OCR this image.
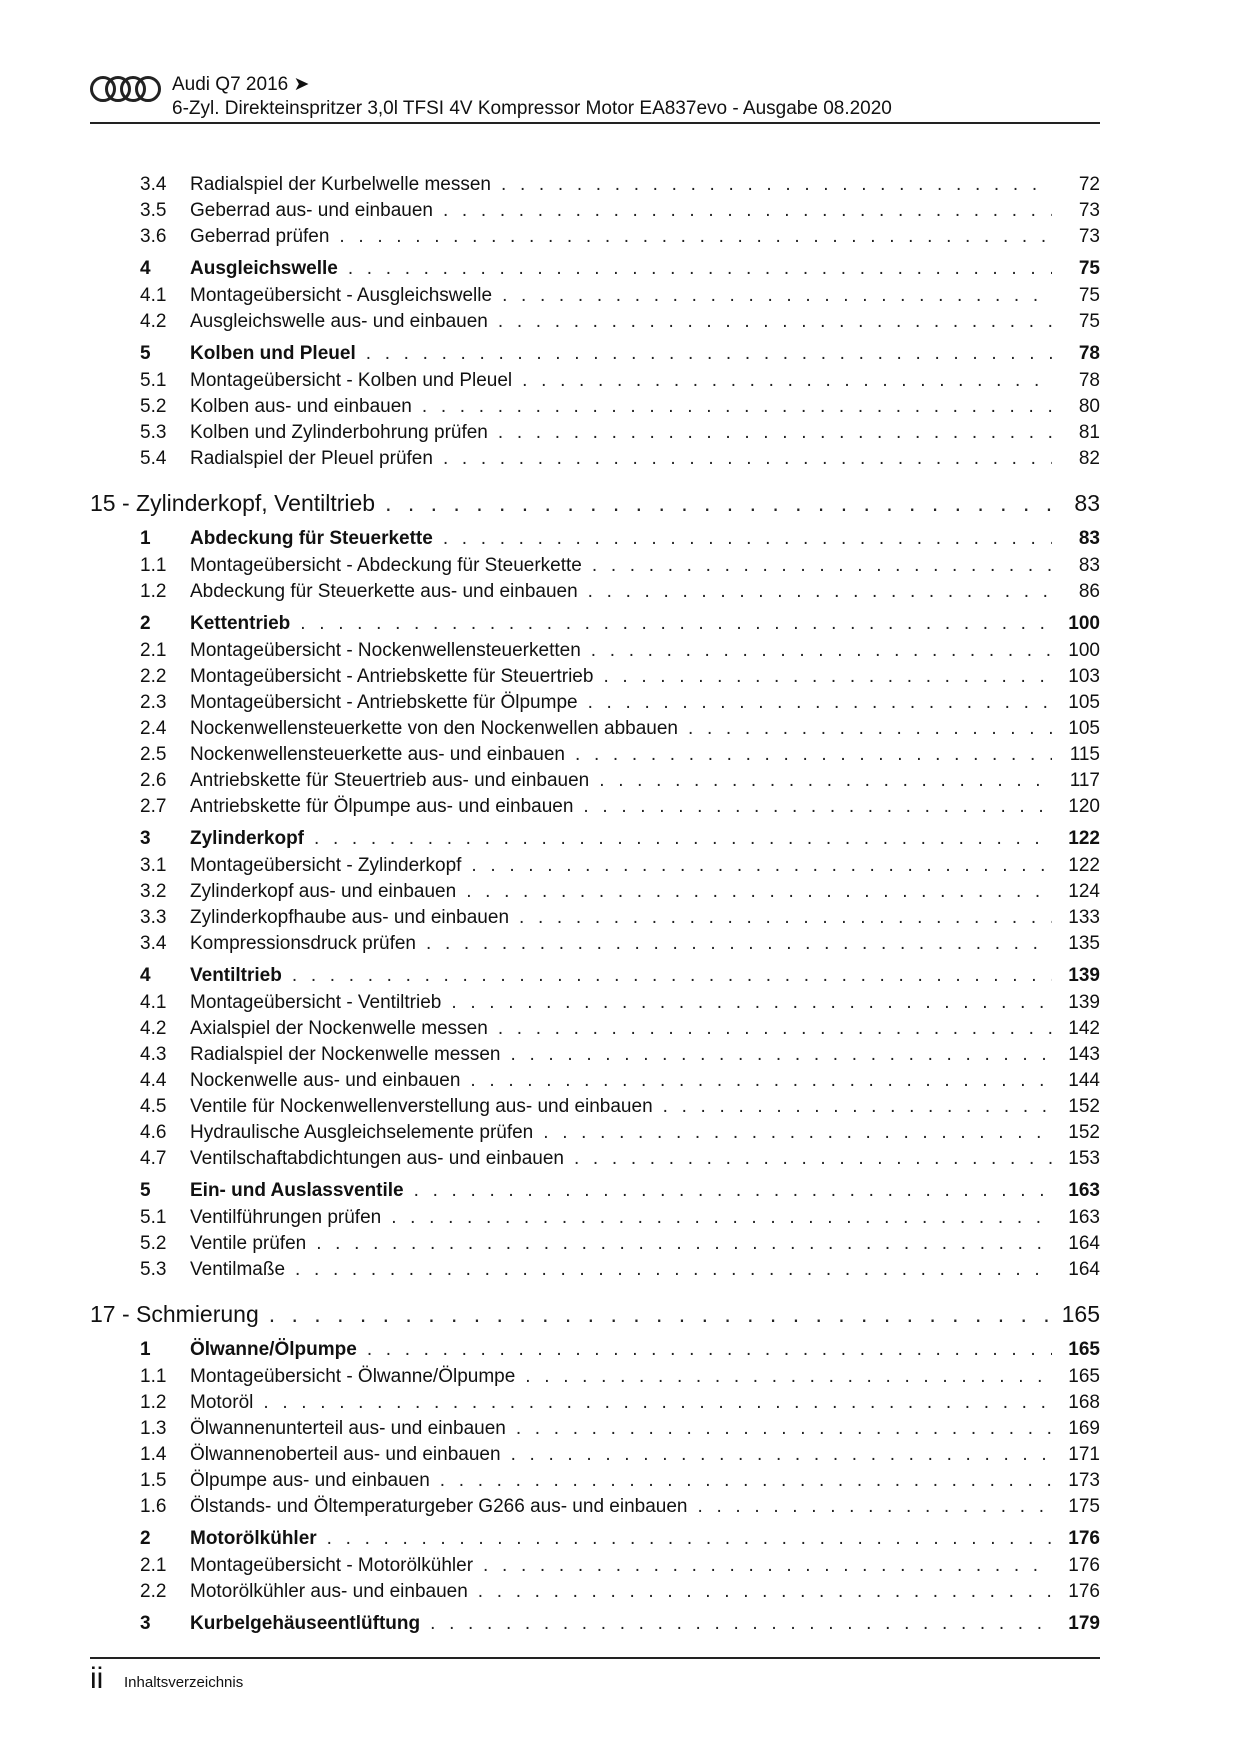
Audi Q7 2016 ➤
6-Zyl. Direkteinspritzer 3,0l TFSI 4V Kompressor Motor EA837evo - Ausgabe 08.2020
3.4	Radialspiel der Kurbelwelle messen . . .	72
3.5	Geberrad aus- und einbauen . . .	73
3.6	Geberrad prüfen . . .	73
4	Ausgleichswelle . . .	75
4.1	Montageübersicht - Ausgleichswelle . . .	75
4.2	Ausgleichswelle aus- und einbauen . . .	75
5	Kolben und Pleuel . . .	78
5.1	Montageübersicht - Kolben und Pleuel . . .	78
5.2	Kolben aus- und einbauen . . .	80
5.3	Kolben und Zylinderbohrung prüfen . . .	81
5.4	Radialspiel der Pleuel prüfen . . .	82
15 - Zylinderkopf, Ventiltrieb . . .	83
1	Abdeckung für Steuerkette . . .	83
1.1	Montageübersicht - Abdeckung für Steuerkette . . .	83
1.2	Abdeckung für Steuerkette aus- und einbauen . . .	86
2	Kettentrieb . . .	100
2.1	Montageübersicht - Nockenwellensteuerketten . . .	100
2.2	Montageübersicht - Antriebskette für Steuertrieb . . .	103
2.3	Montageübersicht - Antriebskette für Ölpumpe . . .	105
2.4	Nockenwellensteuerkette von den Nockenwellen abbauen . . .	105
2.5	Nockenwellensteuerkette aus- und einbauen . . .	115
2.6	Antriebskette für Steuertrieb aus- und einbauen . . .	117
2.7	Antriebskette für Ölpumpe aus- und einbauen . . .	120
3	Zylinderkopf . . .	122
3.1	Montageübersicht - Zylinderkopf . . .	122
3.2	Zylinderkopf aus- und einbauen . . .	124
3.3	Zylinderkopfhaube aus- und einbauen . . .	133
3.4	Kompressionsdruck prüfen . . .	135
4	Ventiltrieb . . .	139
4.1	Montageübersicht - Ventiltrieb . . .	139
4.2	Axialspiel der Nockenwelle messen . . .	142
4.3	Radialspiel der Nockenwelle messen . . .	143
4.4	Nockenwelle aus- und einbauen . . .	144
4.5	Ventile für Nockenwellenverstellung aus- und einbauen . . .	152
4.6	Hydraulische Ausgleichselemente prüfen . . .	152
4.7	Ventilschaftabdichtungen aus- und einbauen . . .	153
5	Ein- und Auslassventile . . .	163
5.1	Ventilführungen prüfen . . .	163
5.2	Ventile prüfen . . .	164
5.3	Ventilmaße . . .	164
17 - Schmierung . . .	165
1	Ölwanne/Ölpumpe . . .	165
1.1	Montageübersicht - Ölwanne/Ölpumpe . . .	165
1.2	Motoröl . . .	168
1.3	Ölwannenunterteil aus- und einbauen . . .	169
1.4	Ölwannenoberteil aus- und einbauen . . .	171
1.5	Ölpumpe aus- und einbauen . . .	173
1.6	Ölstands- und Öltemperaturgeber G266 aus- und einbauen . . .	175
2	Motorölkühler . . .	176
2.1	Montageübersicht - Motorölkühler . . .	176
2.2	Motorölkühler aus- und einbauen . . .	176
3	Kurbelgehäuseentlüftung . . .	179
ii Inhaltsverzeichnis
